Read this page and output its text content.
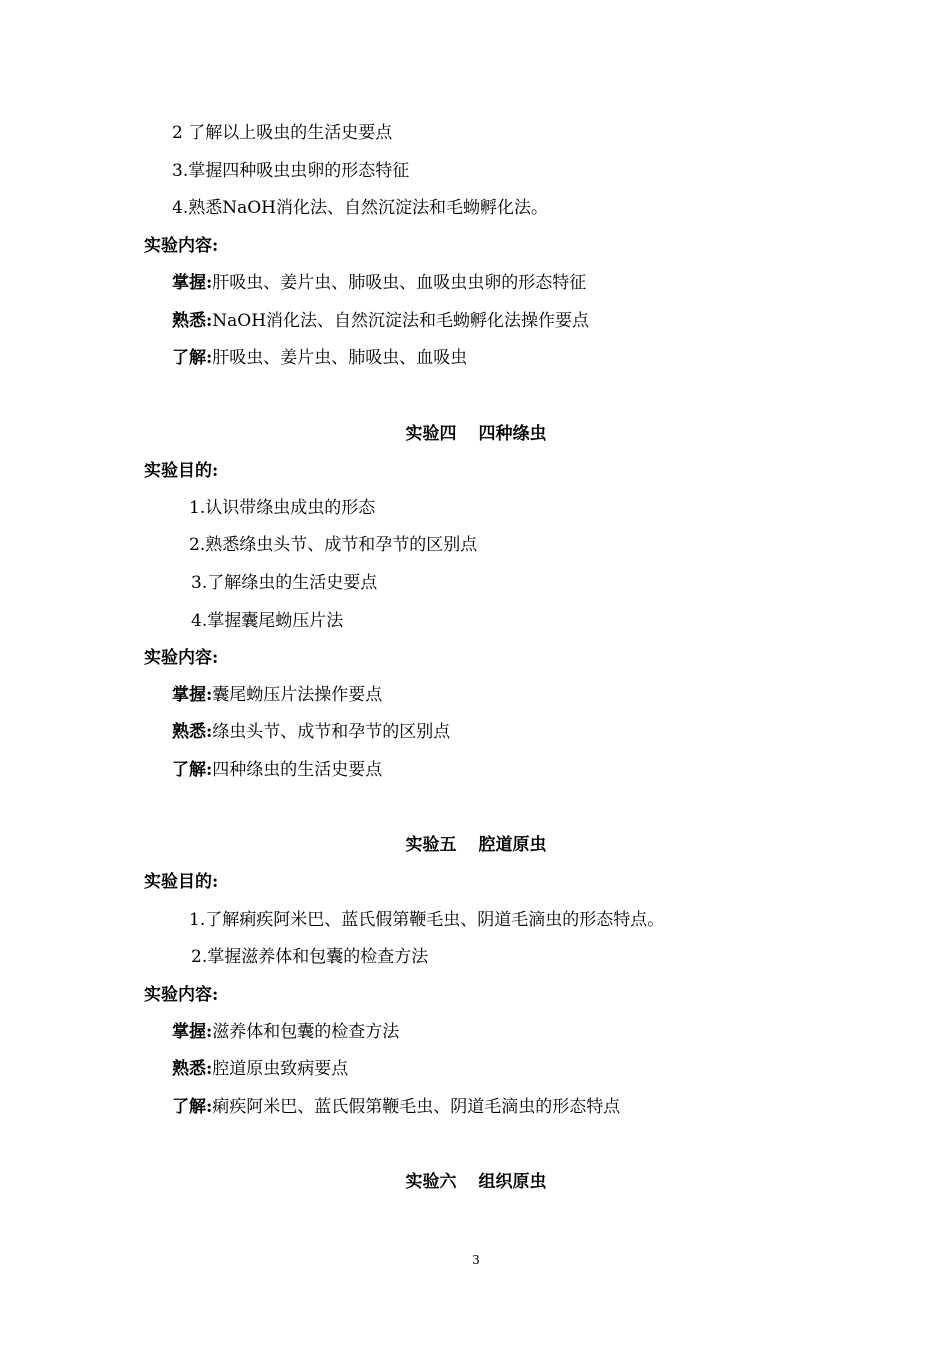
2 了解以上吸虫的生活史要点
3.掌握四种吸虫虫卵的形态特征
4.熟悉NaOH消化法、自然沉淀法和毛蚴孵化法。
实验内容:
掌握:肝吸虫、姜片虫、肺吸虫、血吸虫虫卵的形态特征
熟悉:NaOH消化法、自然沉淀法和毛蚴孵化法操作要点
了解:肝吸虫、姜片虫、肺吸虫、血吸虫
实验四 四种绦虫
实验目的:
1.认识带绦虫成虫的形态
2.熟悉绦虫头节、成节和孕节的区别点
3.了解绦虫的生活史要点
4.掌握囊尾蚴压片法
实验内容:
掌握:囊尾蚴压片法操作要点
熟悉:绦虫头节、成节和孕节的区别点
了解:四种绦虫的生活史要点
实验五 腔道原虫
实验目的:
1.了解痢疾阿米巴、蓝氏假第鞭毛虫、阴道毛滴虫的形态特点。
2.掌握滋养体和包囊的检查方法
实验内容:
掌握:滋养体和包囊的检查方法
熟悉:腔道原虫致病要点
了解:痢疾阿米巴、蓝氏假第鞭毛虫、阴道毛滴虫的形态特点
实验六 组织原虫
3
